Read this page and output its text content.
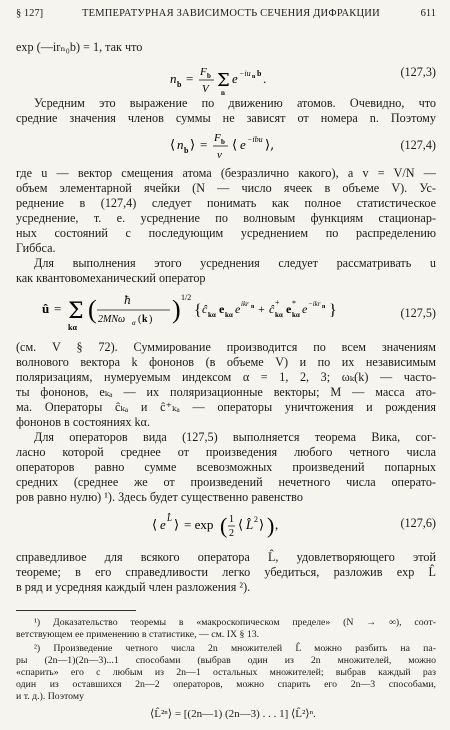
§ 127]	ТЕМПЕРАТУРНАЯ ЗАВИСИМОСТЬ СЕЧЕНИЯ ДИФРАКЦИИ	611
exp (—irₙ₀b) = 1, так что
n b = F b
V Σ
n
e −iu n b .	(127,3)
Усредним это выражение по движению атомов. Очевидно, что
средние значения членов суммы не зависят от номера n. Поэтому
⟨ n b ⟩ = F b
v
⟨ e −ibu ⟩,	(127,4)
где u — вектор смещения атома (безразлично какого), а v = V/N —
объем элементарной ячейки (N — число ячеек в объеме V). Ус-
реднение в (127,4) следует понимать как полное статистическое
усреднение, т. е. усреднение по волновым функциям стационар-
ных состояний с последующим усреднением по распределению
Гиббса.
Для выполнения этого усреднения следует рассматривать u
как квантовомеханический оператор
û = Σ
kα
( ħ
2MNω α ( k ) ) 1/2
{ ĉ kα e kα e ikr n + ĉ +
kα e *
kα e −ikr n }	(127,5)
(см. V § 72). Суммирование производится по всем значениям
волнового вектора k фононов (в объеме V) и по их независимым
поляризациям, нумеруемым индексом α = 1, 2, 3; ωₖ(k) — часто-
ты фононов, eₖₐ — их поляризационные векторы; M — масса ато-
ма. Операторы ĉₖₐ и ĉ⁺ₖₐ — операторы уничтожения и рождения
фононов в состояниях kα.
Для операторов вида (127,5) выполняется теорема Вика, сог-
ласно которой среднее от произведения любого четного числа
операторов равно сумме всевозможных произведений попарных
средних (среднее же от произведений нечетного числа операто-
ров равно нулю) ¹). Здесь будет существенно равенство
⟨ e L̂ ⟩ = exp ( 1
2
⟨ L̂ 2 ⟩ ) ,	(127,6)
справедливое для всякого оператора L̂, удовлетворяющего этой
теореме; в его справедливости легко убедиться, разложив exp L̂
в ряд и усредняя каждый член разложения ²).
¹) Доказательство теоремы в «макроскопическом пределе» (N → ∞), соот-
ветствующем ее применению в статистике, — см. IX § 13.
²) Произведение четного числа 2n множителей L̂ можно разбить на па-
ры (2n—1)(2n—3)...1 способами (выбрав один из 2n множителей, можно
«спарить» его с любым из 2n—1 остальных множителей; выбрав каждый раз
один из оставшихся 2n—2 операторов, можно спарить его 2n—3 способами,
и т. д.). Поэтому
⟨L̂²ⁿ⟩ = [(2n—1) (2n—3) . . . 1] ⟨L̂²⟩ⁿ.
